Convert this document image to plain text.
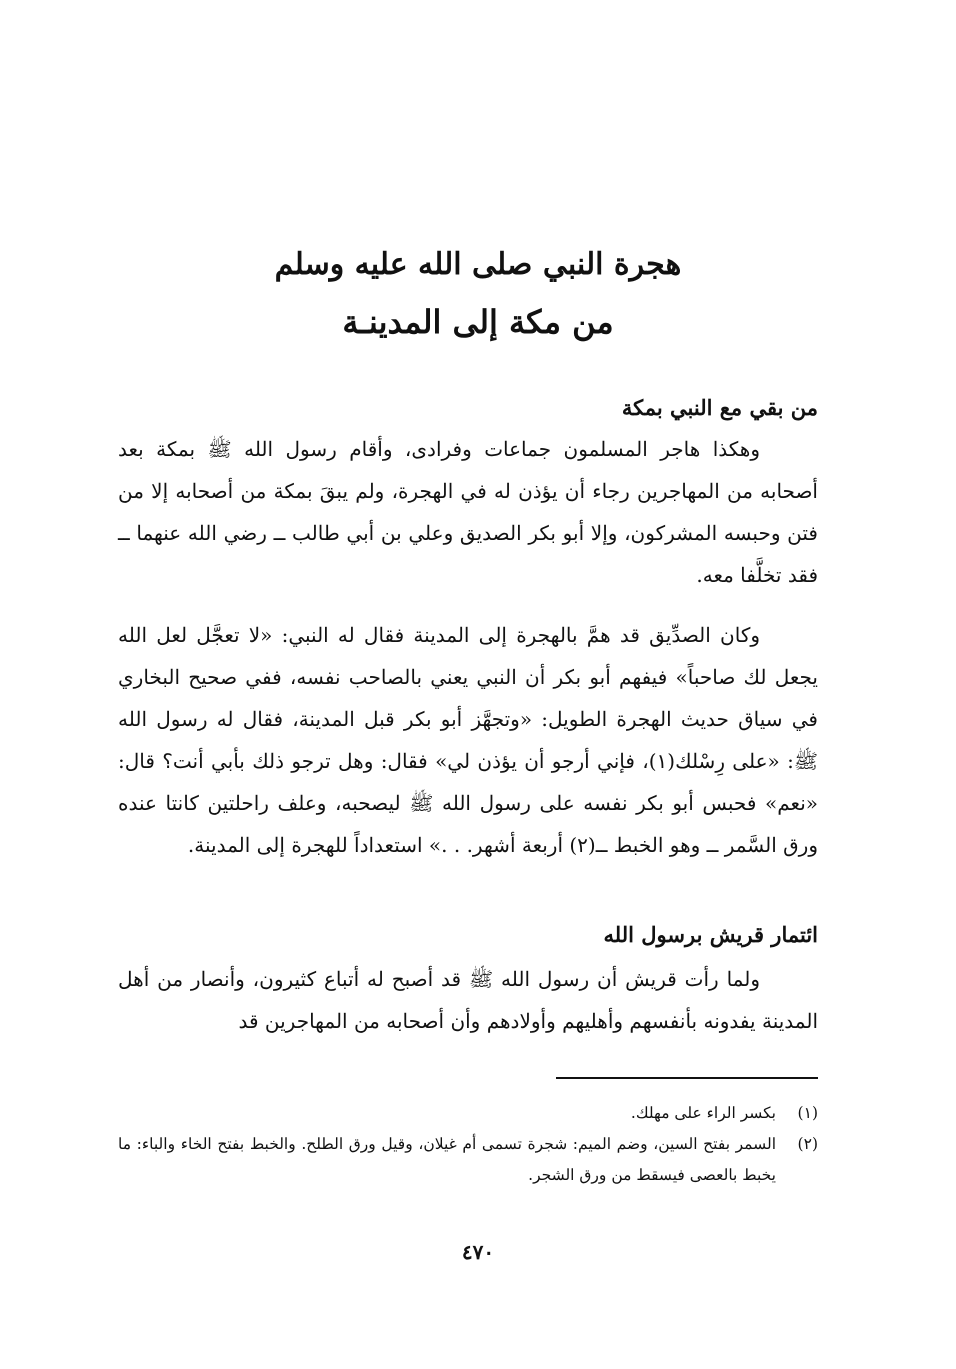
هجرة النبي صلى الله عليه وسلم
من مكة إلى المدينـة
من بقي مع النبي بمكة

وهكذا هاجر المسلمون جماعات وفرادى، وأقام رسول الله ﷺ بمكة بعد أصحابه من المهاجرين رجاء أن يؤذن له في الهجرة، ولم يبقَ بمكة من أصحابه إلا من فتن وحبسه المشركون، وإلا أبو بكر الصديق وعلي بن أبي طالب ــ رضي الله عنهما ــ فقد تخلَّفا معه.

وكان الصدِّيق قد همَّ بالهجرة إلى المدينة فقال له النبي: «لا تعجَّل لعل الله يجعل لك صاحباً» فيفهم أبو بكر أن النبي يعني بالصاحب نفسه، ففي صحيح البخاري في سياق حديث الهجرة الطويل: «وتجهَّز أبو بكر قبل المدينة، فقال له رسول الله ﷺ: «على رِسْلك(١)، فإني أرجو أن يؤذن لي» فقال: وهل ترجو ذلك بأبي أنت؟ قال: «نعم» فحبس أبو بكر نفسه على رسول الله ﷺ ليصحبه، وعلف راحلتين كانتا عنده ورق السَّمر ــ وهو الخبط ــ(٢) أربعة أشهر. . .» استعداداً للهجرة إلى المدينة.

ائتمار قريش برسول الله

ولما رأت قريش أن رسول الله ﷺ قد أصبح له أتباع كثيرون، وأنصار من أهل المدينة يفدونه بأنفسهم وأهليهم وأولادهم وأن أصحابه من المهاجرين قد

(١)
بكسر الراء على مهلك.
(٢)
السمر بفتح السين، وضم الميم: شجرة تسمى أم غيلان، وقيل ورق الطلح. والخبط بفتح الخاء والباء: ما يخبط بالعصى فيسقط من ورق الشجر.
٤٧٠
